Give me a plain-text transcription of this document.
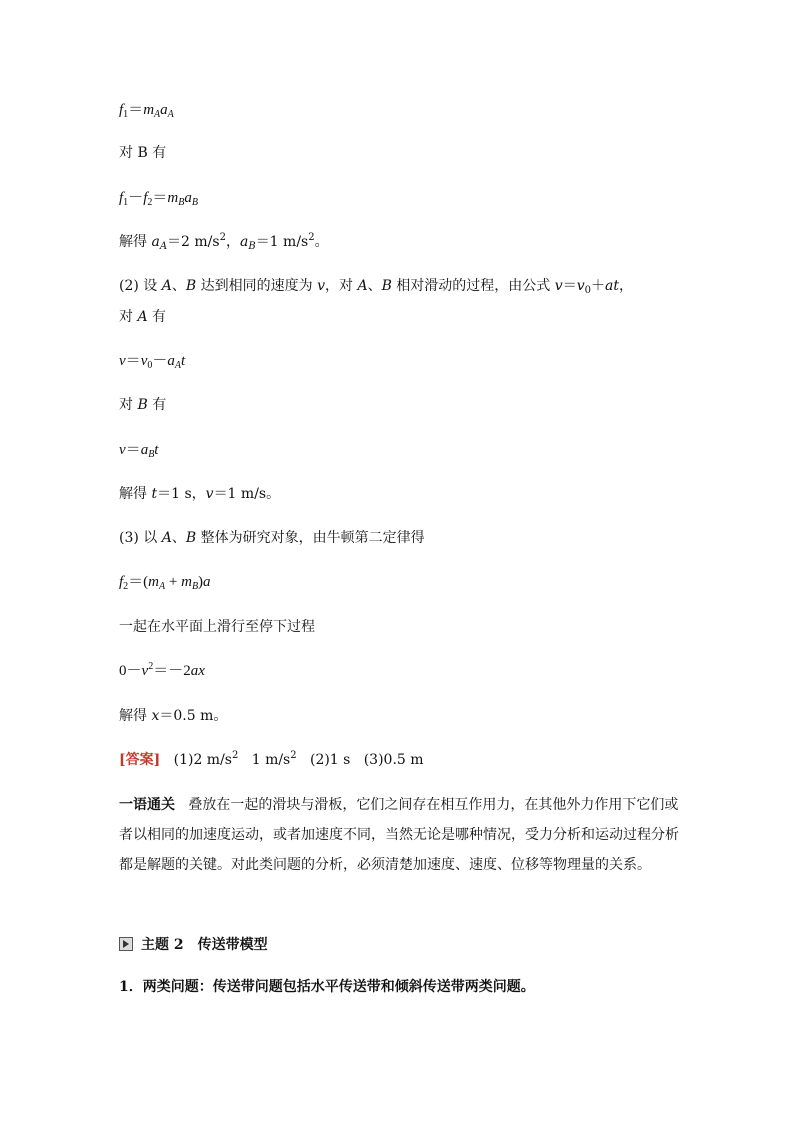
$f_1=m_Aa_A$
对 B 有
$f_1-f_2=m_Ba_B$
解得 $a_A=2$ $m/s^2$，$a_B=1$ $m/s^2$。
(2) 设 A、B 达到相同的速度为 v，对 A、B 相对滑动的过程，由公式 $v=v_0+at$，
对 A 有
$v=v_0-a_At$
对 B 有
$v=a_Bt$
解得 t＝1 s，v＝1 m/s。
(3) 以 A、B 整体为研究对象，由牛顿第二定律得
$f_2=(m_A + m_B)a$
一起在水平面上滑行至停下过程
$0-v^2=-2ax$
解得 x＝0.5 m。
[答案] (1)2 $m/s^2$   1 $m/s^2$   (2)1 s   (3)0.5 m
一语通关 叠放在一起的滑块与滑板，它们之间存在相互作用力，在其他外力作用下它们或者以相同的加速度运动，或者加速度不同，当然无论是哪种情况，受力分析和运动过程分析都是解题的关键。对此类问题的分析，必须清楚加速度、速度、位移等物理量的关系。
主题 2　传送带模型
1．两类问题：传送带问题包括水平传送带和倾斜传送带两类问题。
